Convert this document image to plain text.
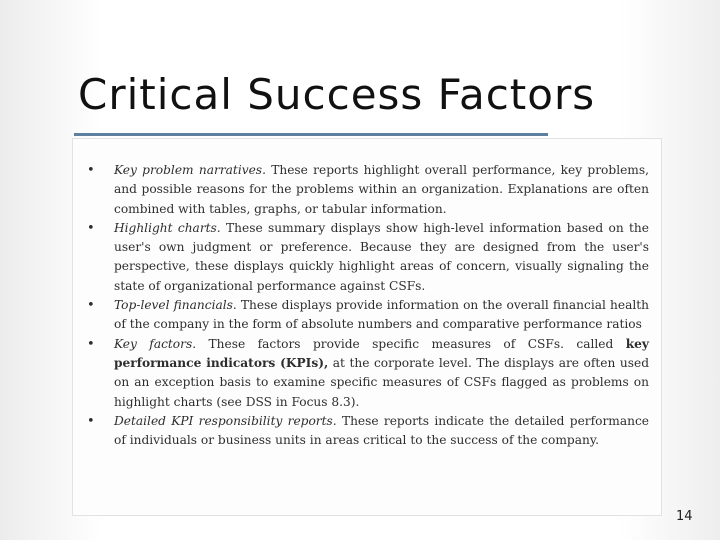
Critical Success Factors
• Key problem narratives. These reports highlight overall performance, key problems, and possible reasons for the problems within an organization. Explanations are often combined with tables, graphs, or tabular information.
• Highlight charts. These summary displays show high-level information based on the user's own judgment or preference. Because they are designed from the user's perspective, these displays quickly highlight areas of concern, visually signaling the state of organizational performance against CSFs.
• Top-level financials. These displays provide information on the overall financial health of the company in the form of absolute numbers and comparative performance ratios
• Key factors. These factors provide specific measures of CSFs. called key performance indicators (KPIs), at the corporate level. The displays are often used on an exception basis to examine specific measures of CSFs flagged as problems on highlight charts (see DSS in Focus 8.3).
• Detailed KPI responsibility reports. These reports indicate the detailed performance of individuals or business units in areas critical to the success of the company.
14
